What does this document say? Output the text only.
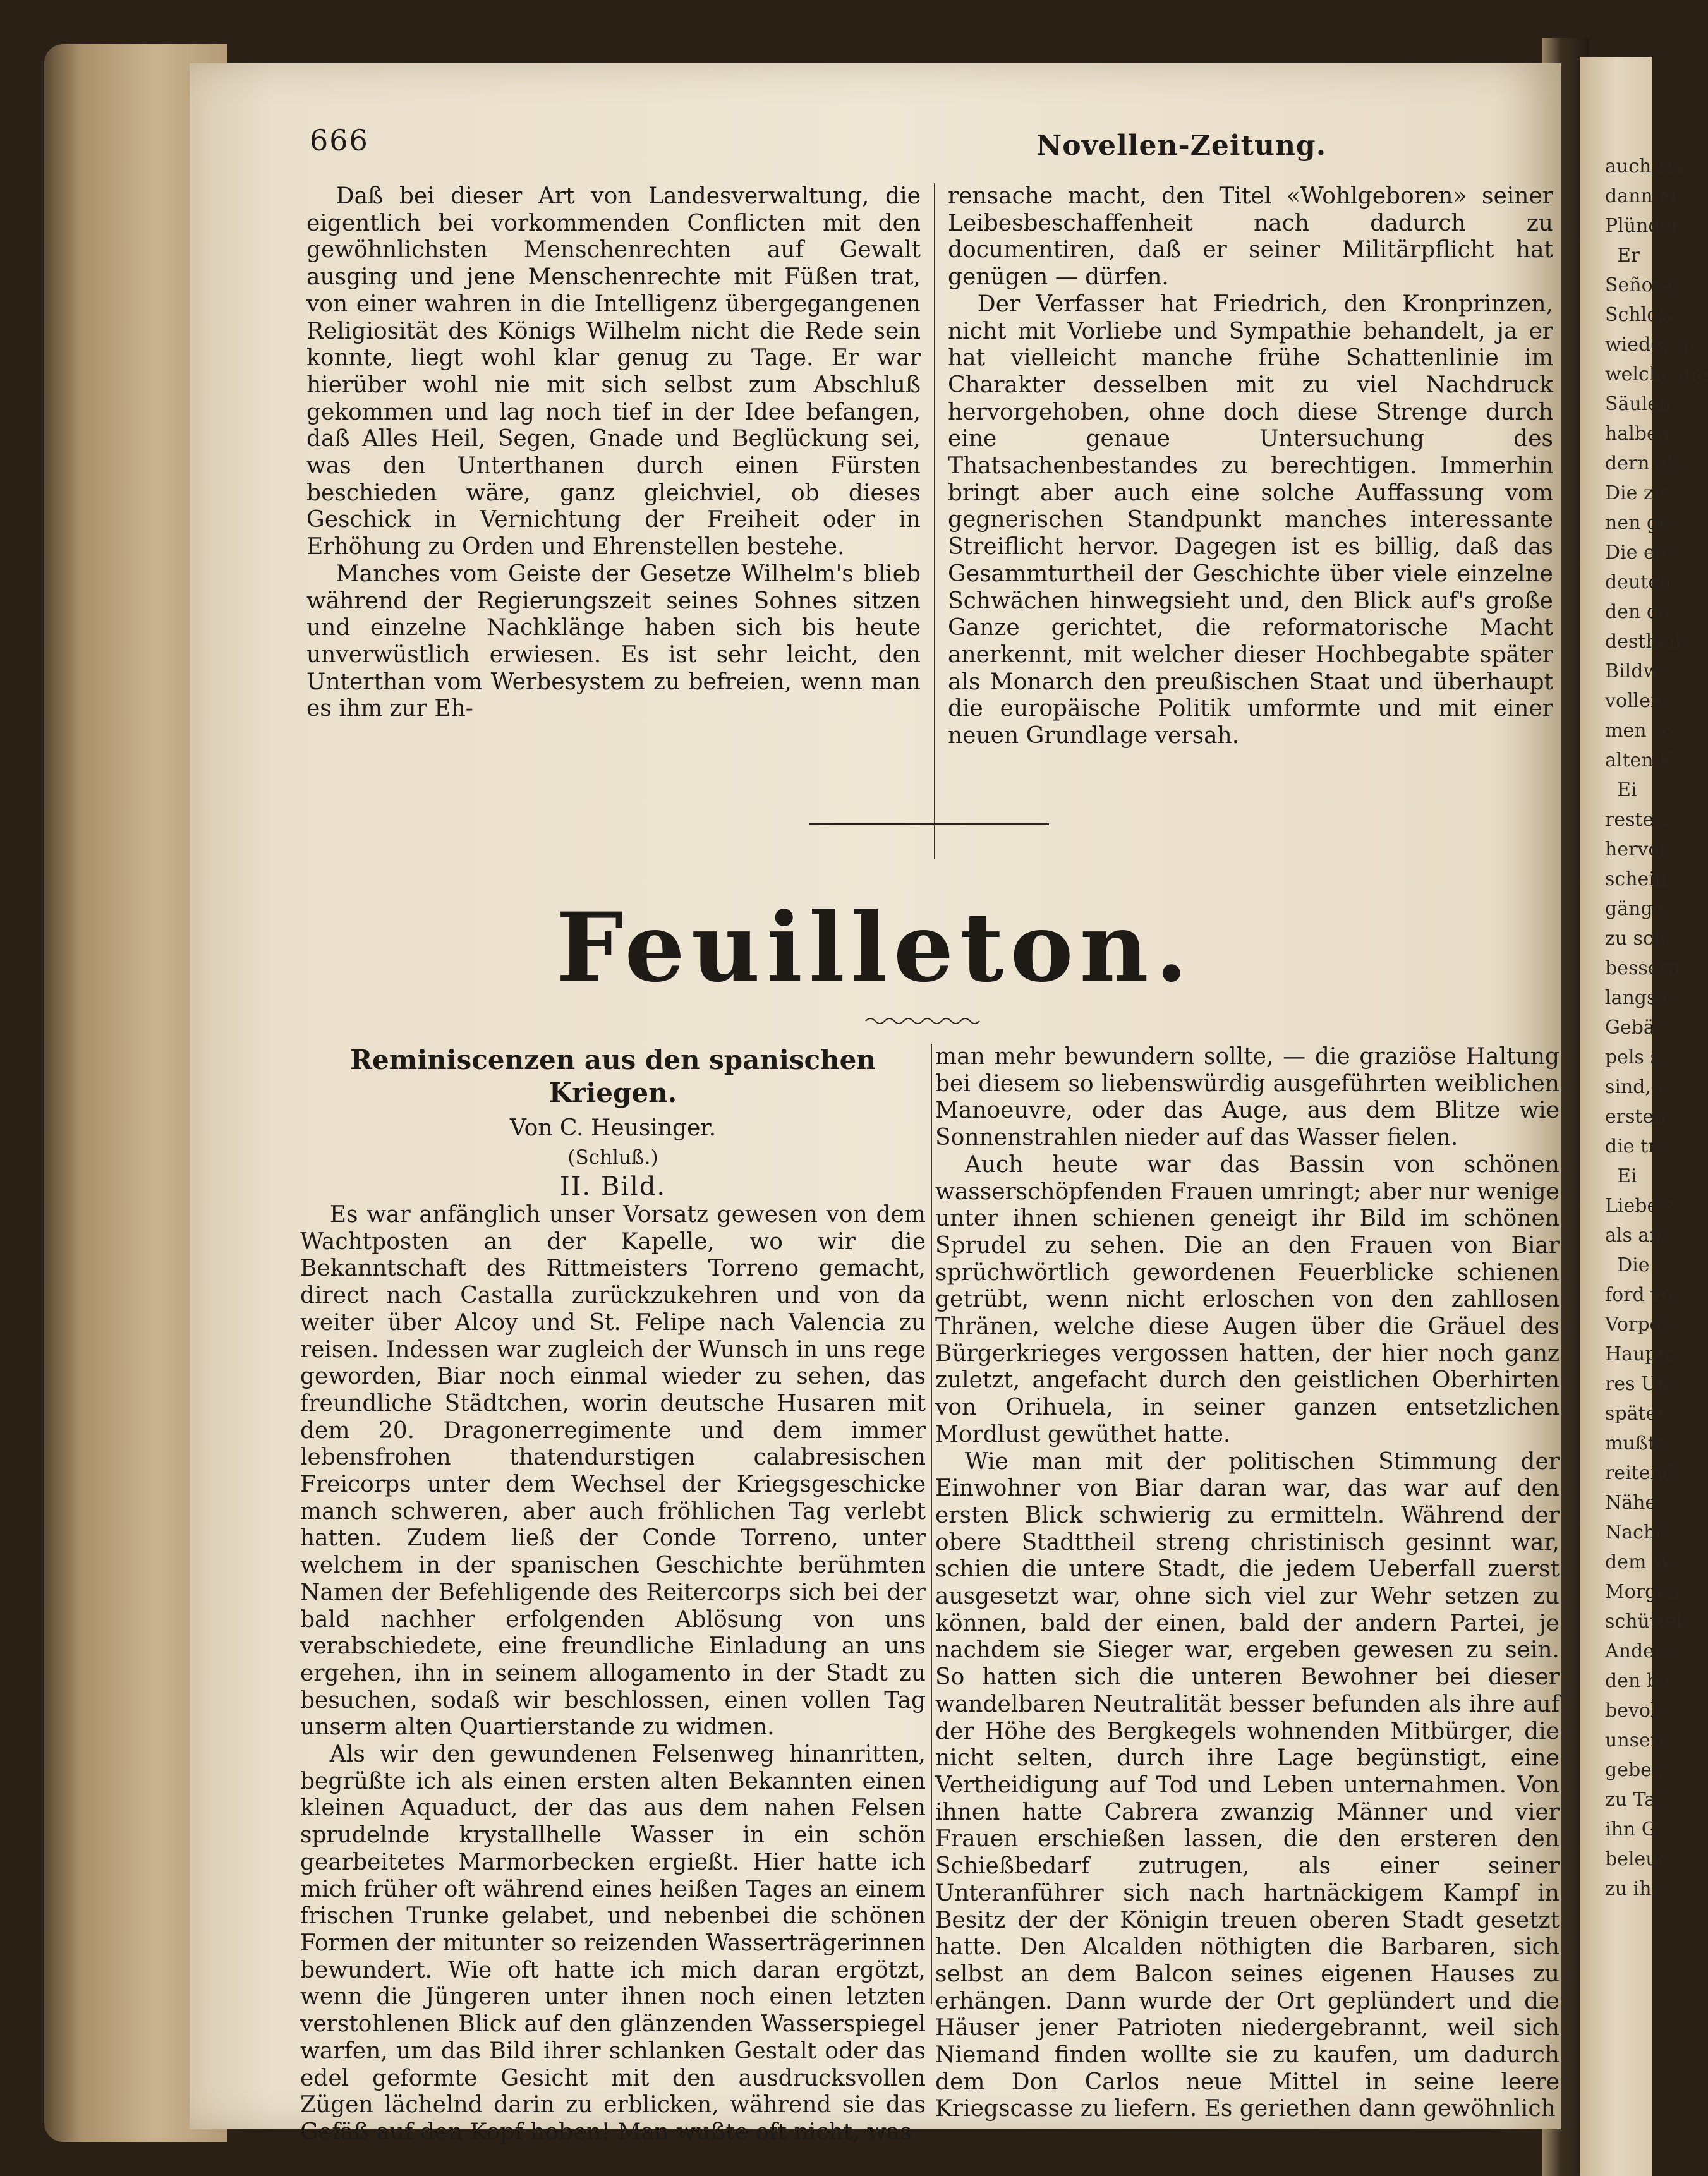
auch Hä
dann ei
Plünder
Er
Señora
Schloß
wieder in
welche die
Säulen,
halben
dern ab
Die zie
nen ge
Die ein
deuten
den da
destheil
Bildw
vollen
men so
alten K
Ei
reste z
hervor
schein
gänge
zu sch
bessern
langsa
Gebä
pels s
sind, i
ersten
die tro
Ei
Liebe z
als an
Die
ford vo
Vorpos
Haupte
res Un
später
mußte
reitend
Nähe
Nacht
dem W
Morgen
schüttel
Anders
den be
bevol
unsere
geben
zu Ta
ihn G
beleuc
zu ihre
666	Novellen-Zeitung.

Daß bei dieser Art von Landesverwaltung, die eigentlich bei vorkommenden Conflicten mit den gewöhnlichsten Menschenrechten auf Gewalt ausging und jene Menschenrechte mit Füßen trat, von einer wahren in die Intelligenz übergegangenen Religiosität des Königs Wilhelm nicht die Rede sein konnte, liegt wohl klar genug zu Tage. Er war hierüber wohl nie mit sich selbst zum Abschluß gekommen und lag noch tief in der Idee befangen, daß Alles Heil, Segen, Gnade und Beglückung sei, was den Unterthanen durch einen Fürsten beschieden wäre, ganz gleichviel, ob dieses Geschick in Vernichtung der Freiheit oder in Erhöhung zu Orden und Ehrenstellen bestehe.

Manches vom Geiste der Gesetze Wilhelm's blieb während der Regierungszeit seines Sohnes sitzen und einzelne Nachklänge haben sich bis heute unverwüstlich erwiesen. Es ist sehr leicht, den Unterthan vom Werbesystem zu befreien, wenn man es ihm zur Eh-

rensache macht, den Titel «Wohlgeboren» seiner Leibesbeschaffenheit nach dadurch zu documentiren, daß er seiner Militärpflicht hat genügen — dürfen.

Der Verfasser hat Friedrich, den Kronprinzen, nicht mit Vorliebe und Sympathie behandelt, ja er hat vielleicht manche frühe Schattenlinie im Charakter desselben mit zu viel Nachdruck hervorgehoben, ohne doch diese Strenge durch eine genaue Untersuchung des Thatsachenbestandes zu berechtigen. Immerhin bringt aber auch eine solche Auffassung vom gegnerischen Standpunkt manches interessante Streiflicht hervor. Dagegen ist es billig, daß das Gesammturtheil der Geschichte über viele einzelne Schwächen hinwegsieht und, den Blick auf's große Ganze gerichtet, die reformatorische Macht anerkennt, mit welcher dieser Hochbegabte später als Monarch den preußischen Staat und überhaupt die europäische Politik umformte und mit einer neuen Grundlage versah.

Feuilleton.
Reminiscenzen aus den spanischen Kriegen.
Von C. Heusinger.
(Schluß.)
II. Bild.

Es war anfänglich unser Vorsatz gewesen von dem Wachtposten an der Kapelle, wo wir die Bekanntschaft des Rittmeisters Torreno gemacht, direct nach Castalla zurückzukehren und von da weiter über Alcoy und St. Felipe nach Valencia zu reisen. Indessen war zugleich der Wunsch in uns rege geworden, Biar noch einmal wieder zu sehen, das freundliche Städtchen, worin deutsche Husaren mit dem 20. Dragonerregimente und dem immer lebensfrohen thatendurstigen calabresischen Freicorps unter dem Wechsel der Kriegsgeschicke manch schweren, aber auch fröhlichen Tag verlebt hatten. Zudem ließ der Conde Torreno, unter welchem in der spanischen Geschichte berühmten Namen der Befehligende des Reitercorps sich bei der bald nachher erfolgenden Ablösung von uns verabschiedete, eine freundliche Einladung an uns ergehen, ihn in seinem allogamento in der Stadt zu besuchen, sodaß wir beschlossen, einen vollen Tag unserm alten Quartierstande zu widmen.

Als wir den gewundenen Felsenweg hinanritten, begrüßte ich als einen ersten alten Bekannten einen kleinen Aquaduct, der das aus dem nahen Felsen sprudelnde krystallhelle Wasser in ein schön gearbeitetes Marmorbecken ergießt. Hier hatte ich mich früher oft während eines heißen Tages an einem frischen Trunke gelabet, und nebenbei die schönen Formen der mitunter so reizenden Wasserträgerinnen bewundert. Wie oft hatte ich mich daran ergötzt, wenn die Jüngeren unter ihnen noch einen letzten verstohlenen Blick auf den glänzenden Wasserspiegel warfen, um das Bild ihrer schlanken Gestalt oder das edel geformte Gesicht mit den ausdrucksvollen Zügen lächelnd darin zu erblicken, während sie das Gefäß auf den Kopf hoben! Man wußte oft nicht, was

man mehr bewundern sollte, — die graziöse Haltung bei diesem so liebenswürdig ausgeführten weiblichen Manoeuvre, oder das Auge, aus dem Blitze wie Sonnenstrahlen nieder auf das Wasser fielen.

Auch heute war das Bassin von schönen wasserschöpfenden Frauen umringt; aber nur wenige unter ihnen schienen geneigt ihr Bild im schönen Sprudel zu sehen. Die an den Frauen von Biar sprüchwörtlich gewordenen Feuerblicke schienen getrübt, wenn nicht erloschen von den zahllosen Thränen, welche diese Augen über die Gräuel des Bürgerkrieges vergossen hatten, der hier noch ganz zuletzt, angefacht durch den geistlichen Oberhirten von Orihuela, in seiner ganzen entsetzlichen Mordlust gewüthet hatte.

Wie man mit der politischen Stimmung der Einwohner von Biar daran war, das war auf den ersten Blick schwierig zu ermitteln. Während der obere Stadttheil streng christinisch gesinnt war, schien die untere Stadt, die jedem Ueberfall zuerst ausgesetzt war, ohne sich viel zur Wehr setzen zu können, bald der einen, bald der andern Partei, je nachdem sie Sieger war, ergeben gewesen zu sein. So hatten sich die unteren Bewohner bei dieser wandelbaren Neutralität besser befunden als ihre auf der Höhe des Bergkegels wohnenden Mitbürger, die nicht selten, durch ihre Lage begünstigt, eine Vertheidigung auf Tod und Leben unternahmen. Von ihnen hatte Cabrera zwanzig Männer und vier Frauen erschießen lassen, die den ersteren den Schießbedarf zutrugen, als einer seiner Unteranführer sich nach hartnäckigem Kampf in Besitz der der Königin treuen oberen Stadt gesetzt hatte. Den Alcalden nöthigten die Barbaren, sich selbst an dem Balcon seines eigenen Hauses zu erhängen. Dann wurde der Ort geplündert und die Häuser jener Patrioten niedergebrannt, weil sich Niemand finden wollte sie zu kaufen, um dadurch dem Don Carlos neue Mittel in seine leere Kriegscasse zu liefern. Es geriethen dann gewöhnlich
